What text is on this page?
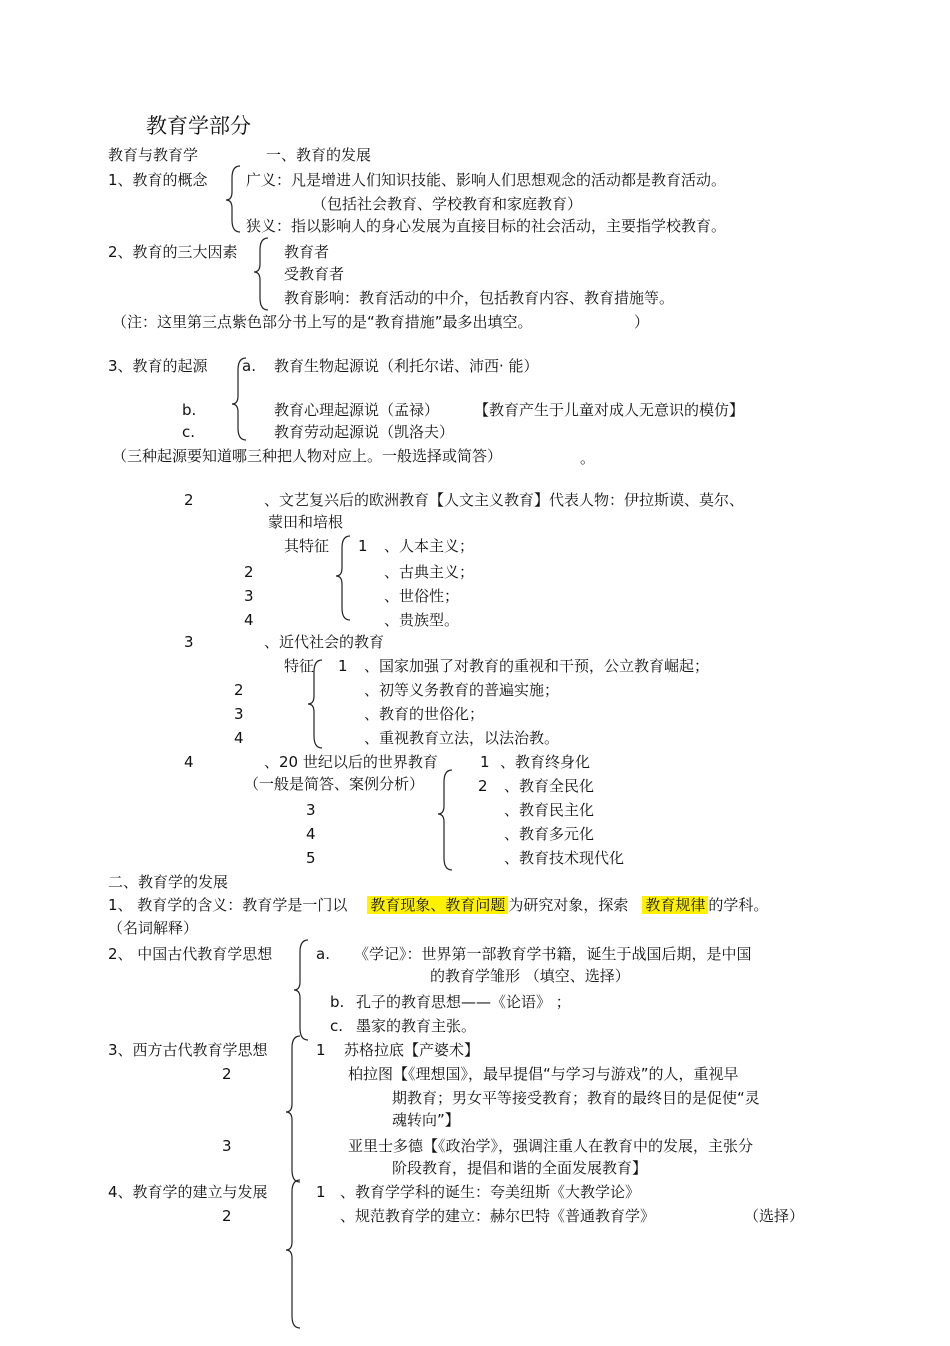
教育学部分
教育与教育学	一、教育的发展
1、教育的概念	广义：凡是增进人们知识技能、影响人们思想观念的活动都是教育活动。
（包括社会教育、学校教育和家庭教育）
狭义：指以影响人的身心发展为直接目标的社会活动，主要指学校教育。
2、教育的三大因素	教育者
受教育者
教育影响：教育活动的中介，包括教育内容、教育措施等。
（注：这里第三点紫色部分书上写的是“教育措施”最多出填空。	）
3、教育的起源 a. 教育生物起源说（利托尔诺、沛西· 能）
b.	教育心理起源说（孟禄） 【教育产生于儿童对成人无意识的模仿】
c.	教育劳动起源说（凯洛夫）
（三种起源要知道哪三种把人物对应上。一般选择或简答）	。
2	、文艺复兴后的欧洲教育【人文主义教育】代表人物：伊拉斯谟、莫尔、
蒙田和培根
其特征 1 、人本主义；
2	、古典主义；
3	、世俗性；
4	、贵族型。
3	、近代社会的教育
特征 1 、国家加强了对教育的重视和干预，公立教育崛起；
2	、初等义务教育的普遍实施；
3	、教育的世俗化；
4	、重视教育立法，以法治教。
4	、20 世纪以后的世界教育
（一般是简答、案例分析）
1 、教育终身化
2 、教育全民化
3	、教育民主化
4	、教育多元化
5	、教育技术现代化
二、教育学的发展
1、 教育学的含义：教育学是一门以 教育现象、教育问题 为研究对象，探索 教育规律 的学科。
（名词解释）
2、 中国古代教育学思想	a. 《学记》：世界第一部教育学书籍，诞生于战国后期，是中国
的教育学雏形 （填空、选择）
b. 孔子的教育思想——《论语》 ；
c. 墨家的教育主张。
3、西方古代教育学思想	1 苏格拉底【产婆术】
2	柏拉图【《理想国》，最早提倡“与学习与游戏”的人，重视早
期教育；男女平等接受教育；教育的最终目的是促使“灵
魂转向”】
3	亚里士多德【《政治学》，强调注重人在教育中的发展，主张分
阶段教育，提倡和谐的全面发展教育】
4、教育学的建立与发展	1 、教育学学科的诞生：夸美纽斯《大教学论》
2	、规范教育学的建立：赫尔巴特《普通教育学》	（选择）
